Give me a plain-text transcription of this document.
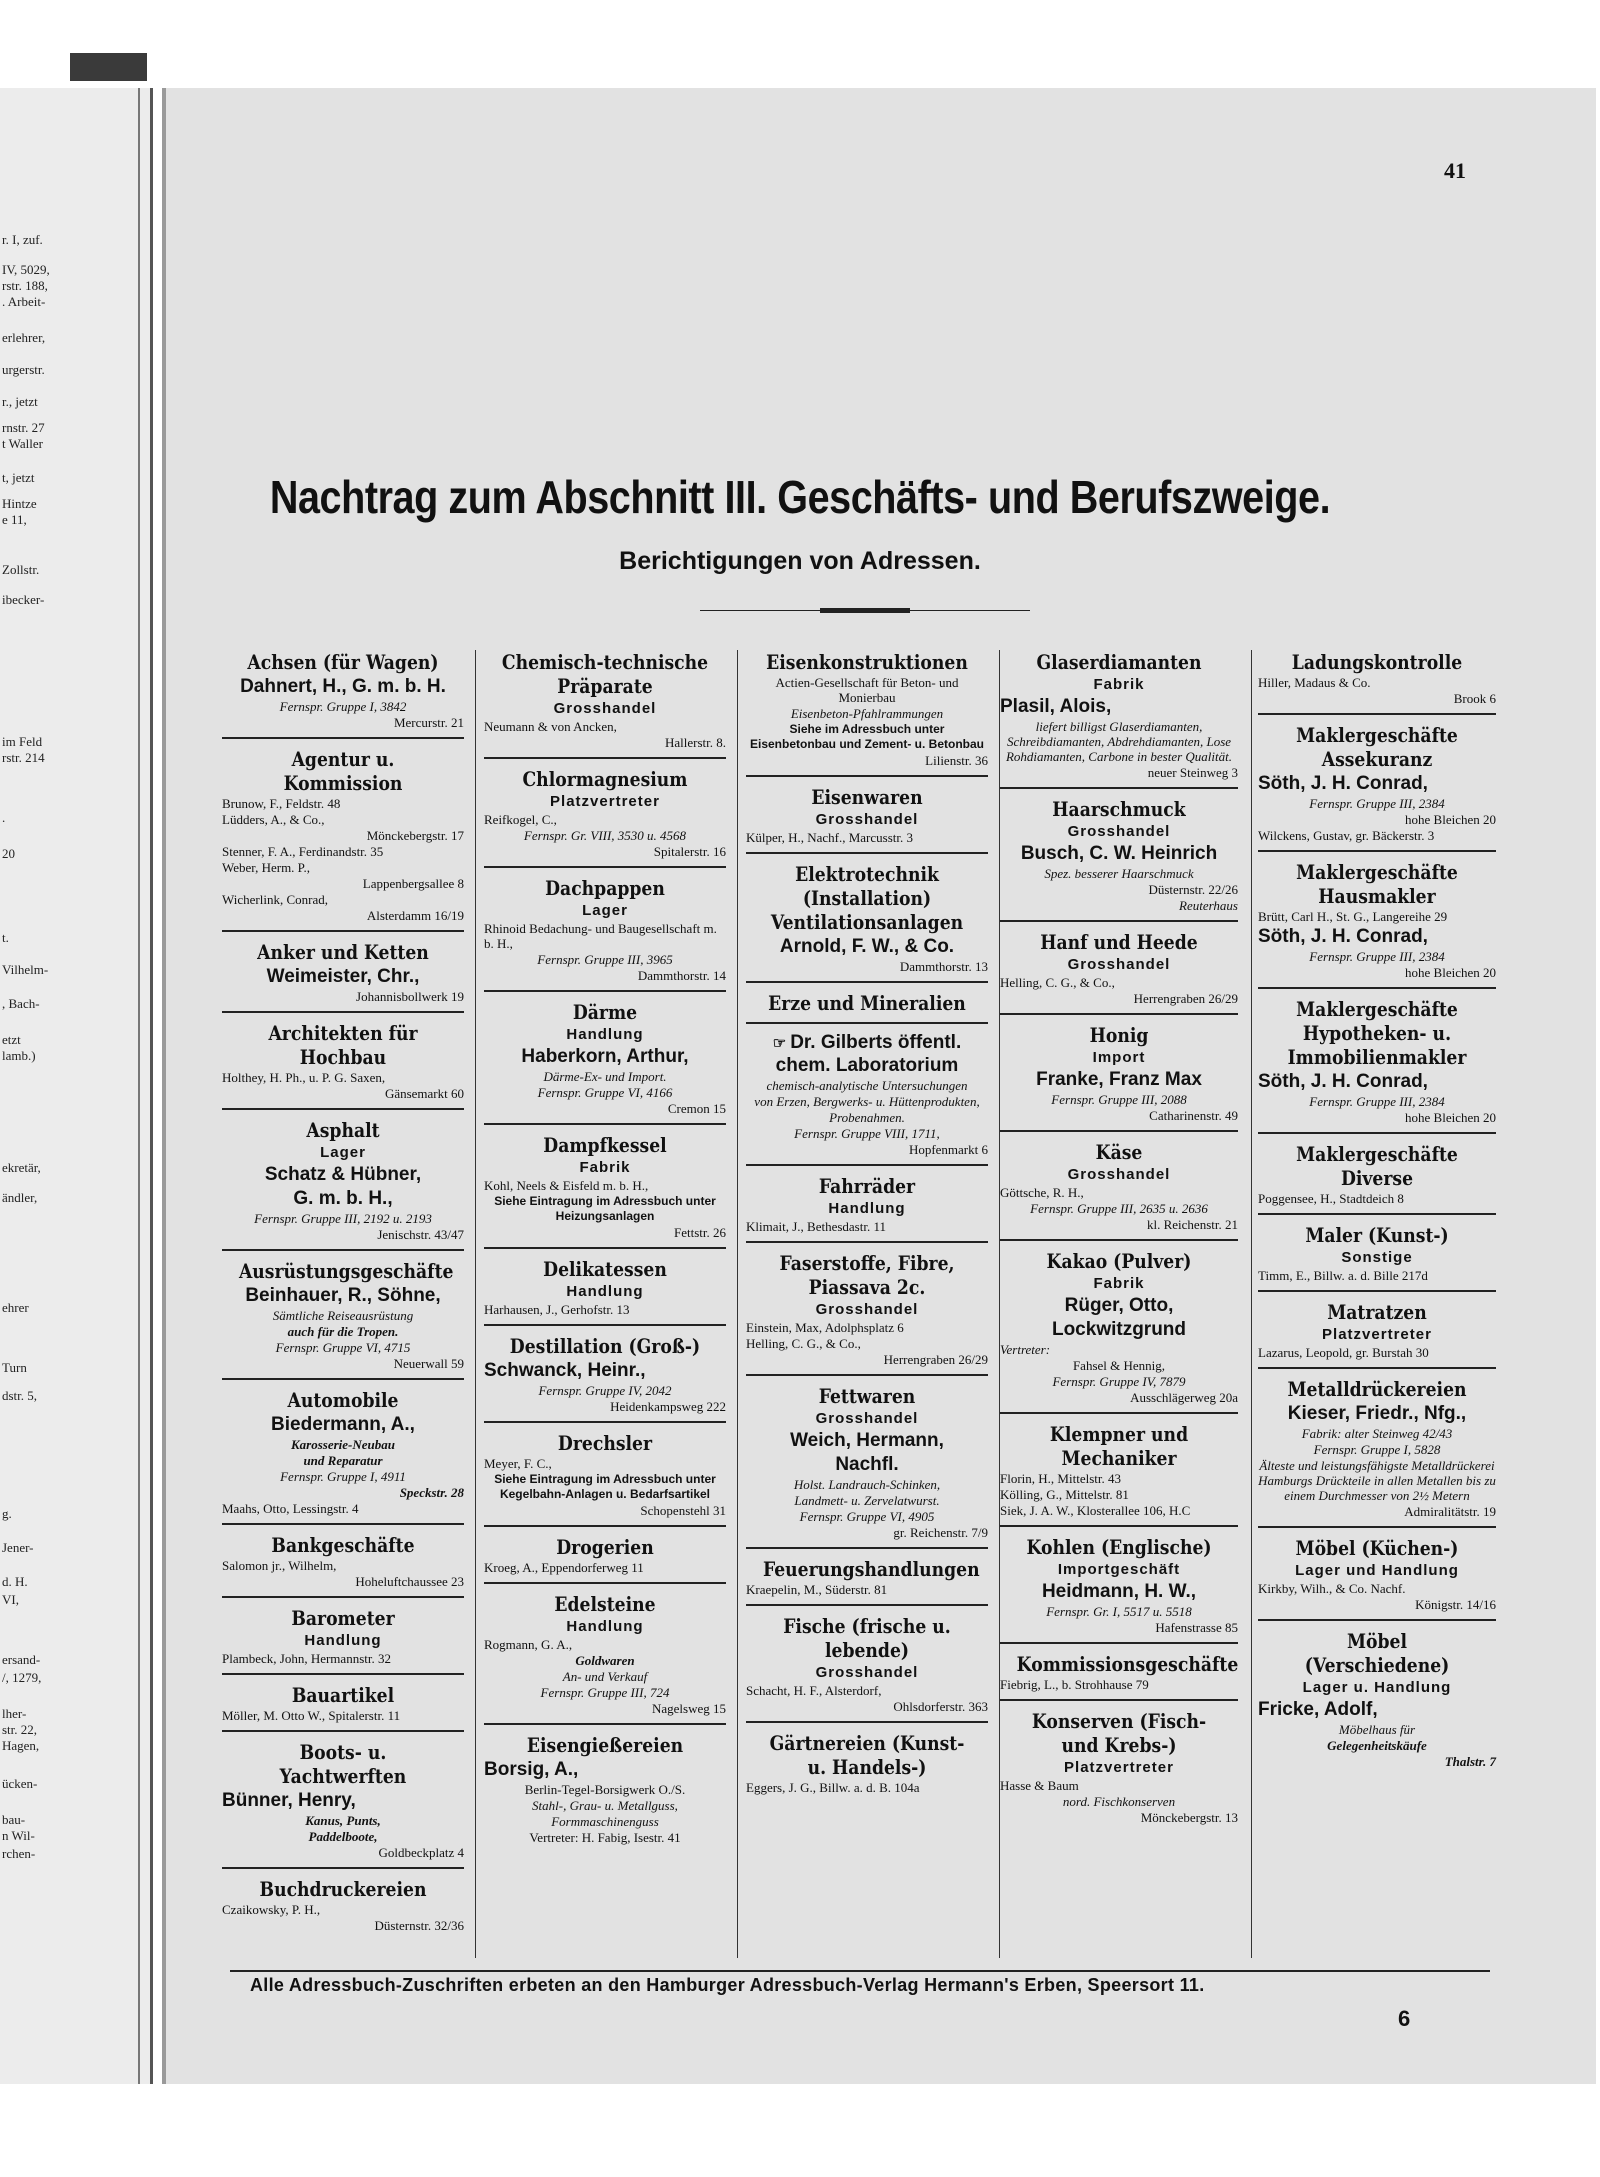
r. I, zuf.
IV, 5029,
rstr. 188,
. Arbeit-
erlehrer,
urgerstr.
r., jetzt
rnstr. 27
t Waller
t, jetzt
Hintze
e 11,
Zollstr.
ibecker-
im Feld
rstr. 214
.
20
t.
Vilhelm-
, Bach-
etzt
lamb.)
ekretär,
ändler,
ehrer
Turn
dstr. 5,
g.
Jener-
d. H.
VI,
ersand-
/, 1279,
lher-
str. 22,
Hagen,
ücken-
bau-
n Wil-
rchen-
41
Nachtrag zum Abschnitt III. Geschäfts- und Berufszweige.
Berichtigungen von Adressen.
Achsen (für Wagen)
Dahnert, H., G. m. b. H.
Fernspr. Gruppe I, 3842
Mercurstr. 21
Agentur u. Kommission
Brunow, F., Feldstr. 48
Lüdders, A., & Co.,
Mönckebergstr. 17
Stenner, F. A., Ferdinandstr. 35
Weber, Herm. P.,
Lappenbergsallee 8
Wicherlink, Conrad,
Alsterdamm 16/19
Anker und Ketten
Weimeister, Chr.,
Johannisbollwerk 19
Architekten für Hochbau
Holthey, H. Ph., u. P. G. Saxen,
Gänsemarkt 60
Asphalt
Lager
Schatz & Hübner,
G. m. b. H.,
Fernspr. Gruppe III, 2192 u. 2193
Jenischstr. 43/47
Ausrüstungsgeschäfte
Beinhauer, R., Söhne,
Sämtliche Reiseausrüstung
auch für die Tropen.
Fernspr. Gruppe VI, 4715
Neuerwall 59
Automobile
Biedermann, A.,
Karosserie-Neubau
und Reparatur
Fernspr. Gruppe I, 4911
Speckstr. 28
Maahs, Otto, Lessingstr. 4
Bankgeschäfte
Salomon jr., Wilhelm,
Hoheluftchaussee 23
Barometer
Handlung
Plambeck, John, Hermannstr. 32
Bauartikel
Möller, M. Otto W., Spitalerstr. 11
Boots- u. Yachtwerften
Bünner, Henry,
Kanus, Punts,
Paddelboote,
Goldbeckplatz 4
Buchdruckereien
Czaikowsky, P. H.,
Düsternstr. 32/36
Chemisch-technische Präparate
Grosshandel
Neumann & von Ancken,
Hallerstr. 8.
Chlormagnesium
Platzvertreter
Reifkogel, C.,
Fernspr. Gr. VIII, 3530 u. 4568
Spitalerstr. 16
Dachpappen
Lager
Rhinoid Bedachung- und Baugesellschaft m. b. H.,
Fernspr. Gruppe III, 3965
Dammthorstr. 14
Därme
Handlung
Haberkorn, Arthur,
Därme-Ex- und Import.
Fernspr. Gruppe VI, 4166
Cremon 15
Dampfkessel
Fabrik
Kohl, Neels & Eisfeld m. b. H.,
Siehe Eintragung im Adressbuch unter Heizungsanlagen
Fettstr. 26
Delikatessen
Handlung
Harhausen, J., Gerhofstr. 13
Destillation (Groß-)
Schwanck, Heinr.,
Fernspr. Gruppe IV, 2042
Heidenkampsweg 222
Drechsler
Meyer, F. C.,
Siehe Eintragung im Adressbuch unter Kegelbahn-Anlagen u. Bedarfsartikel
Schopenstehl 31
Drogerien
Kroeg, A., Eppendorferweg 11
Edelsteine
Handlung
Rogmann, G. A.,
Goldwaren
An- und Verkauf
Fernspr. Gruppe III, 724
Nagelsweg 15
Eisengießereien
Borsig, A.,
Berlin-Tegel-Borsigwerk O./S.
Stahl-, Grau- u. Metallguss,
Formmaschinenguss
Vertreter: H. Fabig, Isestr. 41
Eisenkonstruktionen
Actien-Gesellschaft für Beton- und Monierbau
Eisenbeton-Pfahlrammungen
Siehe im Adressbuch unter Eisenbetonbau und Zement- u. Betonbau
Lilienstr. 36
Eisenwaren
Grosshandel
Külper, H., Nachf., Marcusstr. 3
Elektrotechnik (Installation) Ventilationsanlagen
Arnold, F. W., & Co.
Dammthorstr. 13
Erze und Mineralien
☞ Dr. Gilberts öffentl. chem. Laboratorium
chemisch-analytische Untersuchungen
von Erzen, Bergwerks- u. Hüttenprodukten,
Probenahmen.
Fernspr. Gruppe VIII, 1711,
Hopfenmarkt 6
Fahrräder
Handlung
Klimait, J., Bethesdastr. 11
Faserstoffe, Fibre, Piassava 2c.
Grosshandel
Einstein, Max, Adolphsplatz 6
Helling, C. G., & Co.,
Herrengraben 26/29
Fettwaren
Grosshandel
Weich, Hermann,
Nachfl.
Holst. Landrauch-Schinken,
Landmett- u. Zervelatwurst.
Fernspr. Gruppe VI, 4905
gr. Reichenstr. 7/9
Feuerungshandlungen
Kraepelin, M., Süderstr. 81
Fische (frische u. lebende)
Grosshandel
Schacht, H. F., Alsterdorf,
Ohlsdorferstr. 363
Gärtnereien (Kunst- u. Handels-)
Eggers, J. G., Billw. a. d. B. 104a
Glaserdiamanten
Fabrik
Plasil, Alois,
liefert billigst Glaserdiamanten, Schreibdiamanten, Abdrehdiamanten, Lose Rohdiamanten, Carbone in bester Qualität.
neuer Steinweg 3
Haarschmuck
Grosshandel
Busch, C. W. Heinrich
Spez. besserer Haarschmuck
Düsternstr. 22/26
Reuterhaus
Hanf und Heede
Grosshandel
Helling, C. G., & Co.,
Herrengraben 26/29
Honig
Import
Franke, Franz Max
Fernspr. Gruppe III, 2088
Catharinenstr. 49
Käse
Grosshandel
Göttsche, R. H.,
Fernspr. Gruppe III, 2635 u. 2636
kl. Reichenstr. 21
Kakao (Pulver)
Fabrik
Rüger, Otto,
Lockwitzgrund
Vertreter:
Fahsel & Hennig,
Fernspr. Gruppe IV, 7879
Ausschlägerweg 20a
Klempner und Mechaniker
Florin, H., Mittelstr. 43
Kölling, G., Mittelstr. 81
Siek, J. A. W., Klosterallee 106, H.C
Kohlen (Englische)
Importgeschäft
Heidmann, H. W.,
Fernspr. Gr. I, 5517 u. 5518
Hafenstrasse 85
Kommissionsgeschäfte
Fiebrig, L., b. Strohhause 79
Konserven (Fisch- und Krebs-)
Platzvertreter
Hasse & Baum
nord. Fischkonserven
Mönckebergstr. 13
Ladungskontrolle
Hiller, Madaus & Co.
Brook 6
Maklergeschäfte Assekuranz
Söth, J. H. Conrad,
Fernspr. Gruppe III, 2384
hohe Bleichen 20
Wilckens, Gustav, gr. Bäckerstr. 3
Maklergeschäfte Hausmakler
Brütt, Carl H., St. G., Langereihe 29
Söth, J. H. Conrad,
Fernspr. Gruppe III, 2384
hohe Bleichen 20
Maklergeschäfte Hypotheken- u. Immobilienmakler
Söth, J. H. Conrad,
Fernspr. Gruppe III, 2384
hohe Bleichen 20
Maklergeschäfte Diverse
Poggensee, H., Stadtdeich 8
Maler (Kunst-)
Sonstige
Timm, E., Billw. a. d. Bille 217d
Matratzen
Platzvertreter
Lazarus, Leopold, gr. Burstah 30
Metalldrückereien
Kieser, Friedr., Nfg.,
Fabrik: alter Steinweg 42/43
Fernspr. Gruppe I, 5828
Älteste und leistungsfähigste Metalldrückerei Hamburgs Drückteile in allen Metallen bis zu einem Durchmesser von 2½ Metern
Admiralitätstr. 19
Möbel (Küchen-)
Lager und Handlung
Kirkby, Wilh., & Co. Nachf.
Königstr. 14/16
Möbel (Verschiedene)
Lager u. Handlung
Fricke, Adolf,
Möbelhaus für
Gelegenheitskäufe
Thalstr. 7
Alle Adressbuch-Zuschriften erbeten an den Hamburger Adressbuch-Verlag Hermann's Erben, Speersort 11.
6
